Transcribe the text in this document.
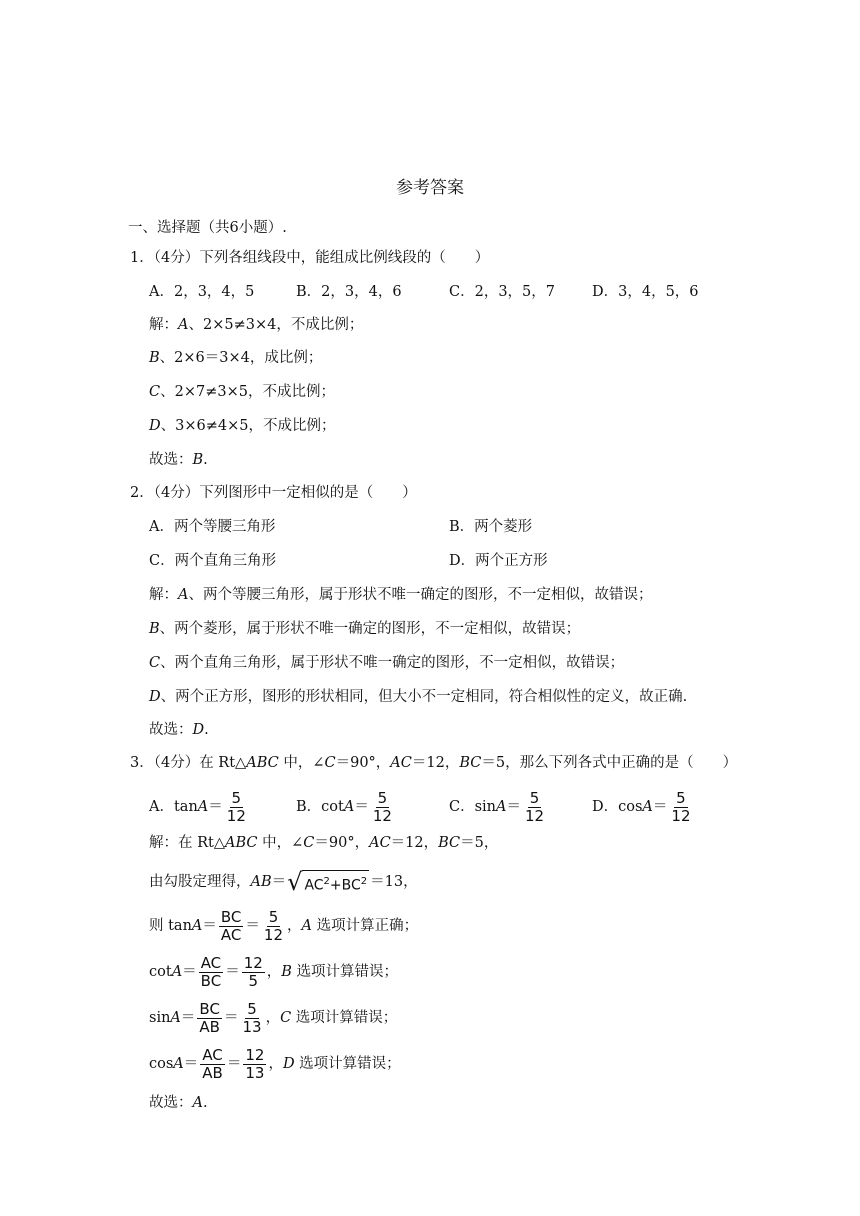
参考答案
一、选择题（共6小题）.
1．（4分）下列各组线段中，能组成比例线段的（　　）
A．2，3，4，5	B．2，3，4，6	C．2，3，5，7	D．3，4，5，6
解：A、2×5≠3×4，不成比例；
B、2×6＝3×4，成比例；
C、2×7≠3×5，不成比例；
D、3×6≠4×5，不成比例；
故选：B.
2．（4分）下列图形中一定相似的是（　　）
A．两个等腰三角形	B．两个菱形
C．两个直角三角形	D．两个正方形
解：A、两个等腰三角形，属于形状不唯一确定的图形，不一定相似，故错误；
B、两个菱形，属于形状不唯一确定的图形，不一定相似，故错误；
C、两个直角三角形，属于形状不唯一确定的图形，不一定相似，故错误；
D、两个正方形，图形的形状相同，但大小不一定相同，符合相似性的定义，故正确.
故选：D.
3．（4分）在 Rt△ABC 中，∠C＝90°，AC＝12，BC＝5，那么下列各式中正确的是（　　）
A．$\tan A= \frac{5}{12}$	B．$\cot A= \frac{5}{12}$	C．$\sin A= \frac{5}{12}$	D．$\cos A= \frac{5}{12}$
解：在 Rt△ABC 中，∠C＝90°，AC＝12，BC＝5，
由勾股定理得，AB＝ √ $AC^2+BC^2 =13$，
则 $\tan A= \frac{BC}{AC} = \frac{5}{12}$ ，A 选项计算正确；
$\cot A= \frac{AC}{BC} = \frac{12}{5}$ ，B 选项计算错误；
$\sin A= \frac{BC}{AB} = \frac{5}{13}$ ，C 选项计算错误；
$\cos A= \frac{AC}{AB} = \frac{12}{13}$ ，D 选项计算错误；
故选：A.
